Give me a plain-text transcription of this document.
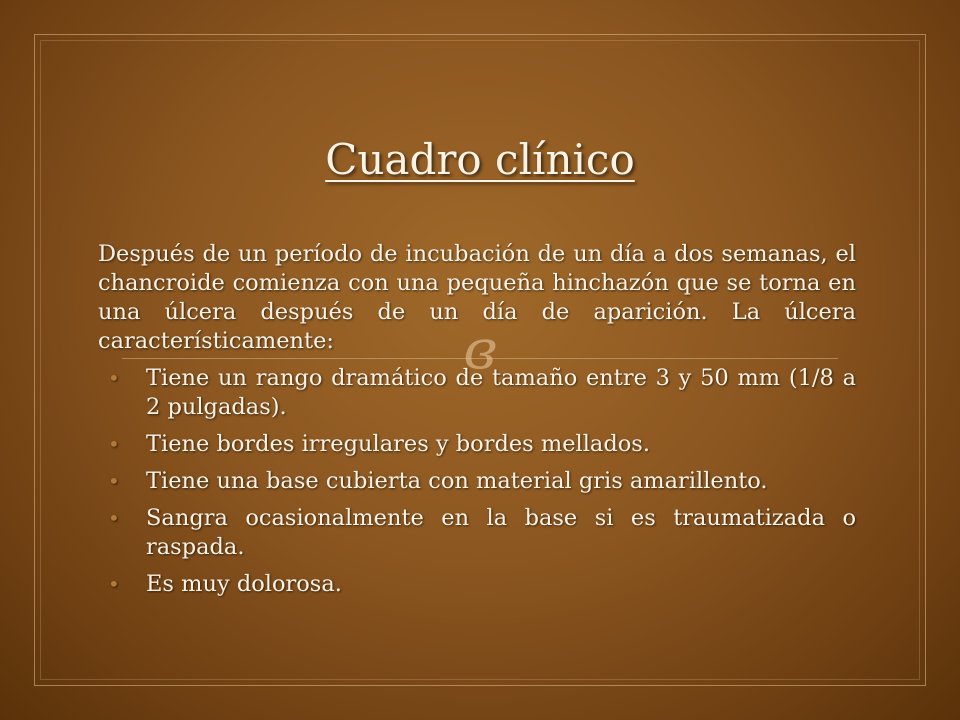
Cuadro clínico
ɞ

Después de un período de incubación de un día a dos semanas, el chancroide comienza con una pequeña hinchazón que se torna en una úlcera después de un día de aparición. La úlcera característicamente:

• Tiene un rango dramático de tamaño entre 3 y 50 mm (1/8 a 2 pulgadas).
• Tiene bordes irregulares y bordes mellados.
• Tiene una base cubierta con material gris amarillento.
• Sangra ocasionalmente en la base si es traumatizada o raspada.
• Es muy dolorosa.
